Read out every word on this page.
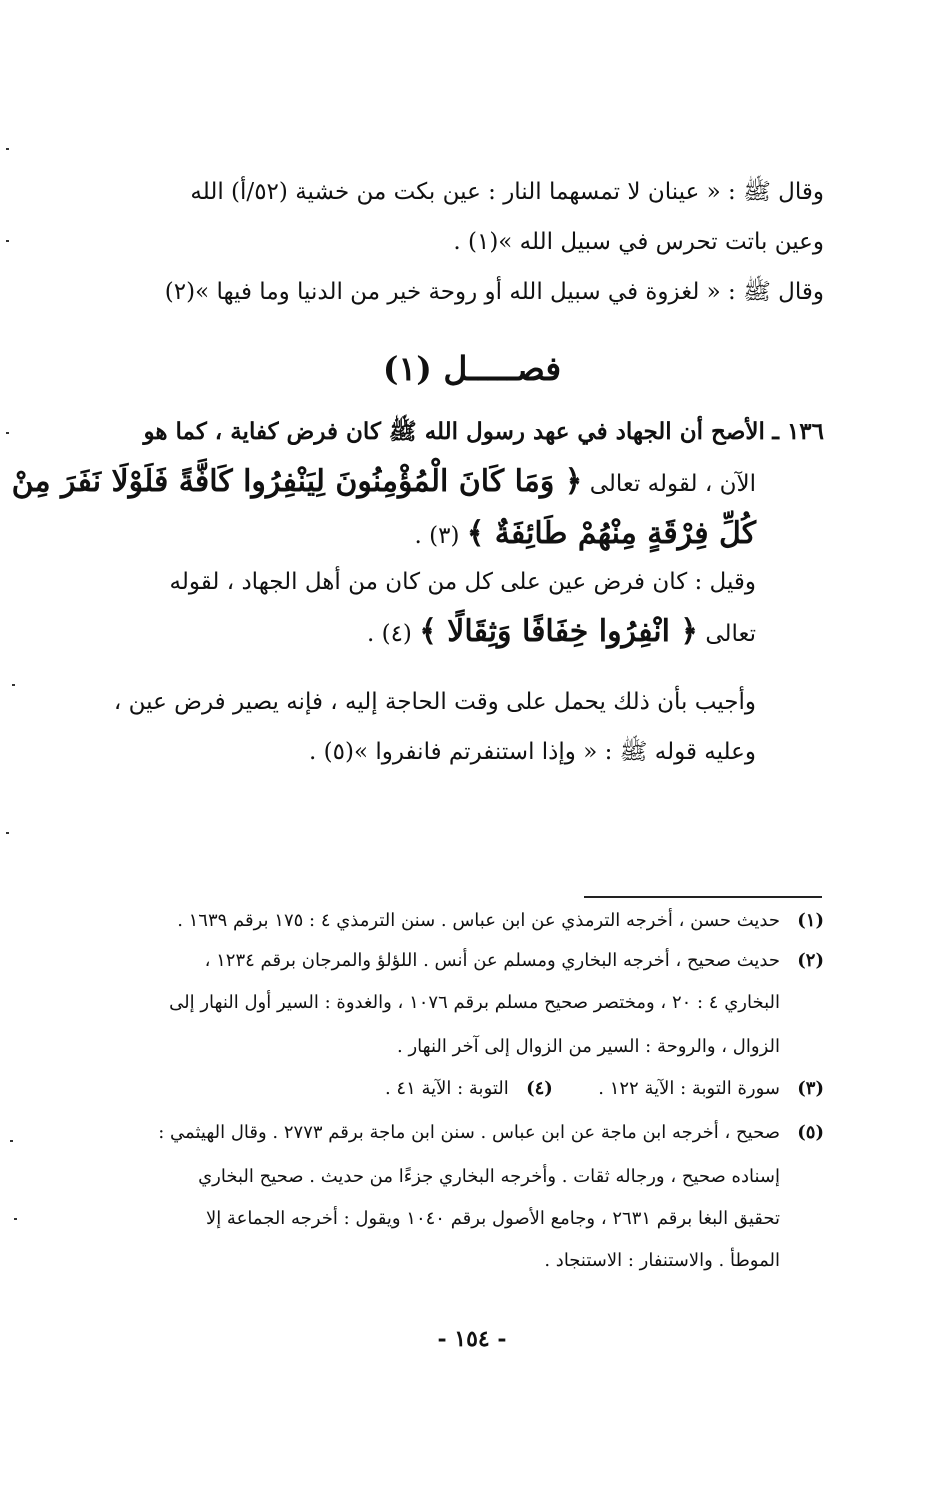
وقال ﷺ : « عينان لا تمسهما النار : عين بكت من خشية (٥٢/أ) الله
وعين باتت تحرس في سبيل الله »(١) .
وقال ﷺ : « لغزوة في سبيل الله أو روحة خير من الدنيا وما فيها »(٢)
فصـــــل (١)
١٣٦ ـ الأصح أن الجهاد في عهد رسول الله ﷺ كان فرض كفاية ، كما هو
الآن ، لقوله تعالى ﴿ وَمَا كَانَ الْمُؤْمِنُونَ لِيَنْفِرُوا كَافَّةً فَلَوْلَا نَفَرَ مِنْ
كُلِّ فِرْقَةٍ مِنْهُمْ طَائِفَةٌ ﴾ (٣) .
وقيل : كان فرض عين على كل من كان من أهل الجهاد ، لقوله
تعالى ﴿ انْفِرُوا خِفَافًا وَثِقَالًا ﴾ (٤) .
وأجيب بأن ذلك يحمل على وقت الحاجة إليه ، فإنه يصير فرض عين ،
وعليه قوله ﷺ : « وإذا استنفرتم فانفروا »(٥) .
(١)حديث حسن ، أخرجه الترمذي عن ابن عباس . سنن الترمذي ٤ : ١٧٥ برقم ١٦٣٩ .
(٢)حديث صحيح ، أخرجه البخاري ومسلم عن أنس . اللؤلؤ والمرجان برقم ١٢٣٤ ،
البخاري ٤ : ٢٠ ، ومختصر صحيح مسلم برقم ١٠٧٦ ، والغدوة : السير أول النهار إلى
الزوال ، والروحة : السير من الزوال إلى آخر النهار .
(٣)سورة التوبة : الآية ١٢٢ .  (٤)التوبة : الآية ٤١ .
(٥)صحيح ، أخرجه ابن ماجة عن ابن عباس . سنن ابن ماجة برقم ٢٧٧٣ . وقال الهيثمي :
إسناده صحيح ، ورجاله ثقات . وأخرجه البخاري جزءًا من حديث . صحيح البخاري
تحقيق البغا برقم ٢٦٣١ ، وجامع الأصول برقم ١٠٤٠ ويقول : أخرجه الجماعة إلا
الموطأ . والاستنفار : الاستنجاد .
- ١٥٤ -
